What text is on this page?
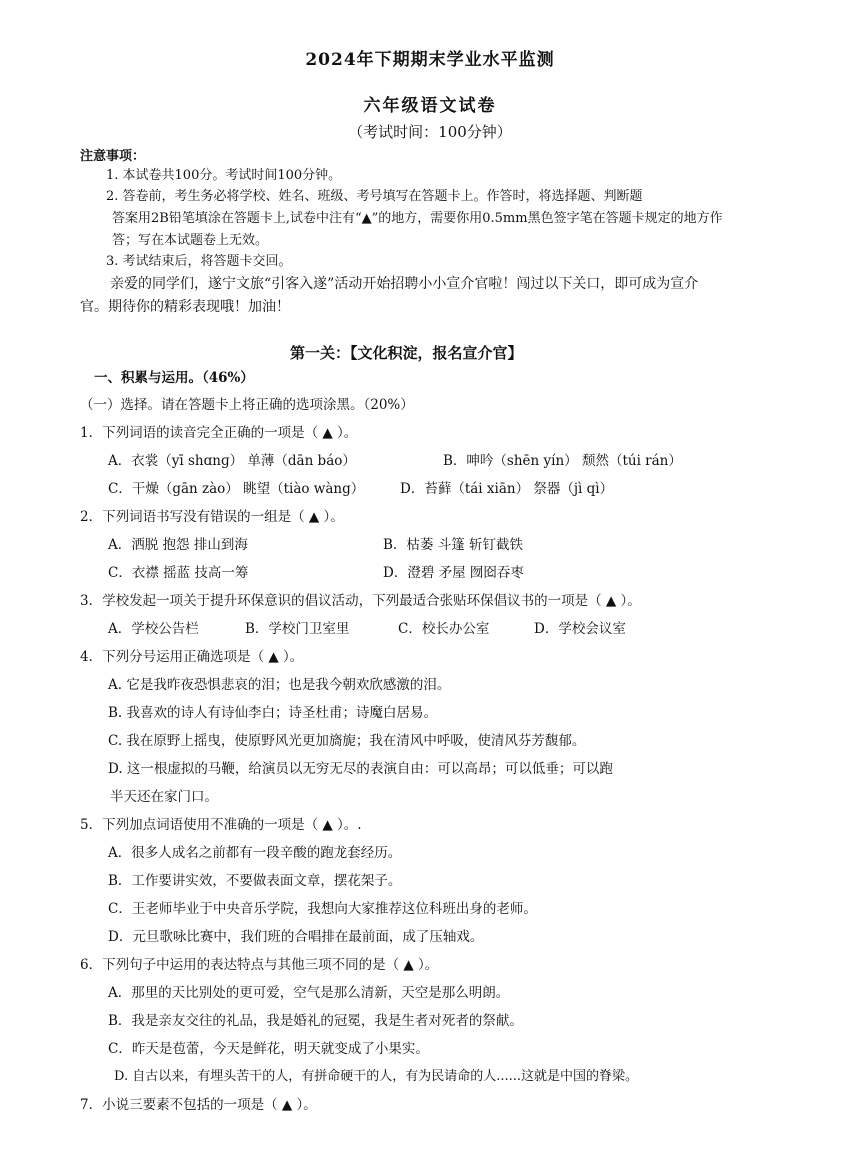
2024年下期期末学业水平监测
六年级语文试卷
（考试时间：100分钟）
注意事项：
1. 本试卷共100分。考试时间100分钟。
2. 答卷前，考生务必将学校、姓名、班级、考号填写在答题卡上。作答时，将选择题、判断题
答案用2B铅笔填涂在答题卡上,试卷中注有“▲”的地方，需要你用0.5mm黑色签字笔在答题卡规定的地方作
答；写在本试题卷上无效。
3. 考试结束后，将答题卡交回。
亲爱的同学们，遂宁文旅“引客入遂”活动开始招聘小小宣介官啦！闯过以下关口，即可成为宣介
官。期待你的精彩表现哦！加油！
第一关：【文化积淀，报名宣介官】
一、积累与运用。（46%）
（一）选择。请在答题卡上将正确的选项涂黑。（20%）
1．下列词语的读音完全正确的一项是（ ▲ ）。
A．衣裳（yī shɑnɡ） 单薄（dān báo）	B．呻吟（shēn yín） 颓然（túi rán）
C．干燥（gān zào） 眺望（tiào wàng）	D．苔藓（tái xiān） 祭器（jì qì）
2．下列词语书写没有错误的一组是（ ▲ ）。
A．洒脱 抱怨 排山到海	B．枯萎 斗篷 斩钉截铁
C．衣襟 摇蓝 技高一筹	D．澄碧 矛屋 囫囵吞枣
3．学校发起一项关于提升环保意识的倡议活动，下列最适合张贴环保倡议书的一项是（ ▲ ）。
A．学校公告栏	B．学校门卫室里	C．校长办公室	D．学校会议室
4．下列分号运用正确选项是（ ▲ ）。
A. 它是我昨夜恐惧悲哀的泪；也是我今朝欢欣感激的泪。
B. 我喜欢的诗人有诗仙李白；诗圣杜甫；诗魔白居易。
C. 我在原野上摇曳，使原野风光更加旖旎；我在清风中呼吸，使清风芬芳馥郁。
D. 这一根虚拟的马鞭，给演员以无穷无尽的表演自由：可以高昂；可以低垂；可以跑
半天还在家门口。
5．下列加点词语使用不准确的一项是（ ▲ ）。.
A．很多人成名之前都有一段辛酸的跑龙套经历。
B．工作要讲实效，不要做表面文章，摆花架子。
C．王老师毕业于中央音乐学院，我想向大家推荐这位科班出身的老师。
D．元旦歌咏比赛中，我们班的合唱排在最前面，成了压轴戏。
6．下列句子中运用的表达特点与其他三项不同的是（ ▲ ）。
A．那里的天比别处的更可爱，空气是那么清新，天空是那么明朗。
B．我是亲友交往的礼品，我是婚礼的冠冕，我是生者对死者的祭献。
C．昨天是苞蕾，今天是鲜花，明天就变成了小果实。
D. 自古以来，有埋头苦干的人，有拼命硬干的人，有为民请命的人......这就是中国的脊梁。
7．小说三要素不包括的一项是（ ▲ ）。
